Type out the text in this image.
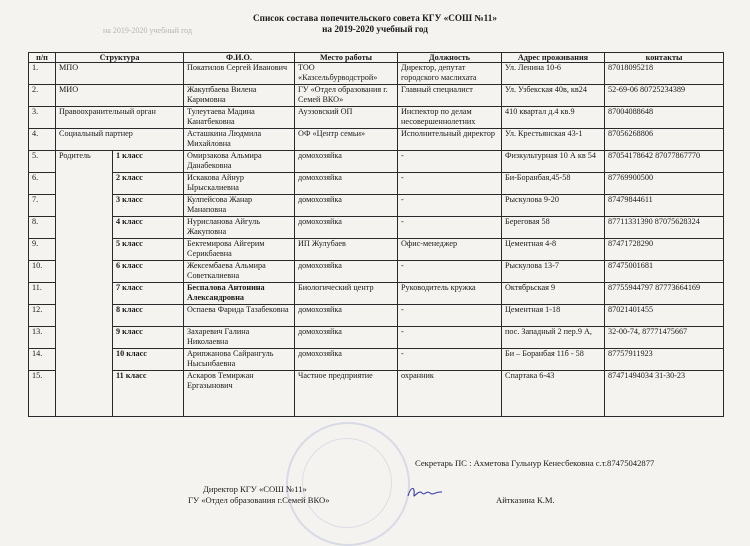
на 2019-2020 учебный год
Список состава попечительского совета КГУ «СОШ №11»
на 2019-2020 учебный год
п/п	Структура		Ф.И.О.	Место работы	Должность	Адрес проживания	контакты
1.	МПО		Покатилов Сергей Иванович	ТОО «Казсельбурводстрой»	Директор, депутат городского маслихата	Ул. Ленина 10-6	87018095218
2.	МИО		Жакупбаева Вилена Каримовна	ГУ «Отдел образования г. Семей ВКО»	Главный специалист	Ул. Узбекская 40в, кв24	52-69-06 80725234389
3.	Правоохранительный орган		Тулеутаева Мадина Канатбековна	Ауэзовский ОП	Инспектор по делам несовершеннолетних	410 квартал д.4 кв.9	87004088648
4.	Социальный партнер		Асташкина Людмила Михайловна	ОФ «Центр семьи»	Исполнительный директор	Ул. Крестьянская 43-1	87056268806
5.	Родитель	1 класс	Омирзакова Альмира Данабековна	домохозяйка	-	Физкультурная 10 А кв 54	87054178642 87077867770
6.		2 класс	Искакова Айнур Ырыскалиевна	домохозяйка	-	Би-Боранбая,45-58	87769900500
7.		3 класс	Кулпейсова Жанар Манаповна	домохозяйка	-	Рыскулова 9-20	87479844611
8.		4 класс	Нурисланова Айгуль Жакуповна	домохозяйка	-	Береговая 58	87711331390 87075628324
9.		5 класс	Бектемирова Айгерим Серикбаевна	ИП Жулубаев	Офис-менеджер	Цементная 4-8	87471728290
10.		6 класс	Жексембаева Альмира Советкалиевна	домохозяйка	-	Рыскулова 13-7	87475001681
11.		7 класс	Беспалова Антонина Александровна	Биологический центр	Руководитель кружка	Октябрьская 9	87755944797 87773664169
12.		8 класс	Оспаева Фарида Тазабековна	домохозяйка	-	Цементная 1-18	87021401455
13.		9 класс	Захаревич Галина Николаевна	домохозяйка	-	пос. Западный 2 пер.9 А,	32-00-74, 87771475667
14.		10 класс	Арипжанова Сайрангуль Нысынбаевна	домохозяйка	-	Би – Боранбая 11б - 58	87757911923
15.		11 класс	Аскаров Темиржан Ергазынович	Частное предприятие	охранник	Спартака 6-43	87471494034 31-30-23
Секретарь ПС : Ахметова Гульнур Кенесбековна с.т.87475042877
Директор КГУ «СОШ №11»
ГУ «Отдел образования г.Семей ВКО»	Айтказина К.М.
